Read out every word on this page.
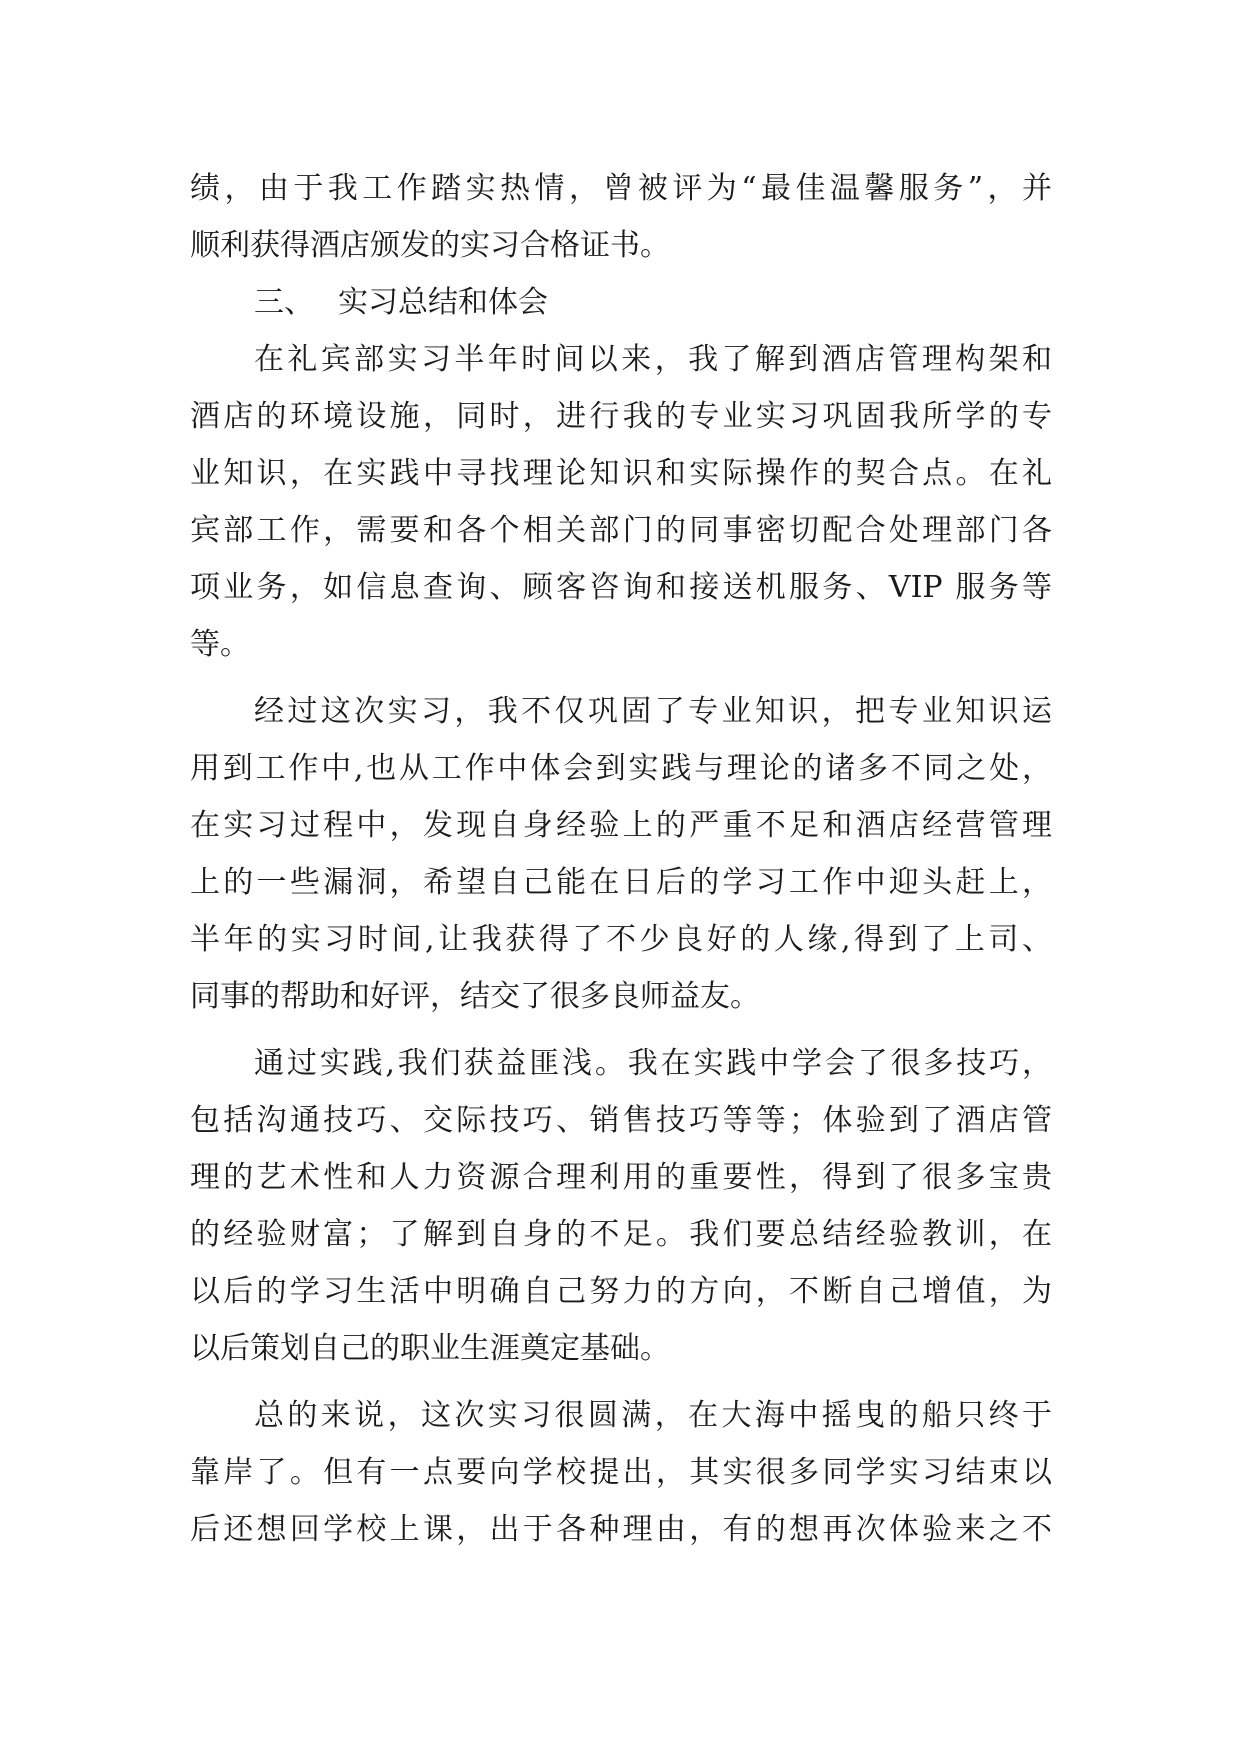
绩，由于我工作踏实热情，曾被评为“最佳温馨服务”，并
顺利获得酒店颁发的实习合格证书。
三、 实习总结和体会
在礼宾部实习半年时间以来，我了解到酒店管理构架和
酒店的环境设施，同时，进行我的专业实习巩固我所学的专
业知识，在实践中寻找理论知识和实际操作的契合点。在礼
宾部工作，需要和各个相关部门的同事密切配合处理部门各
项业务，如信息查询、顾客咨询和接送机服务、VIP 服务等
等。
经过这次实习，我不仅巩固了专业知识，把专业知识运
用到工作中,也从工作中体会到实践与理论的诸多不同之处，
在实习过程中，发现自身经验上的严重不足和酒店经营管理
上的一些漏洞，希望自己能在日后的学习工作中迎头赶上，
半年的实习时间,让我获得了不少良好的人缘,得到了上司、
同事的帮助和好评，结交了很多良师益友。
通过实践,我们获益匪浅。我在实践中学会了很多技巧，
包括沟通技巧、交际技巧、销售技巧等等；体验到了酒店管
理的艺术性和人力资源合理利用的重要性，得到了很多宝贵
的经验财富；了解到自身的不足。我们要总结经验教训，在
以后的学习生活中明确自己努力的方向，不断自己增值，为
以后策划自己的职业生涯奠定基础。
总的来说，这次实习很圆满，在大海中摇曳的船只终于
靠岸了。但有一点要向学校提出，其实很多同学实习结束以
后还想回学校上课，出于各种理由，有的想再次体验来之不
